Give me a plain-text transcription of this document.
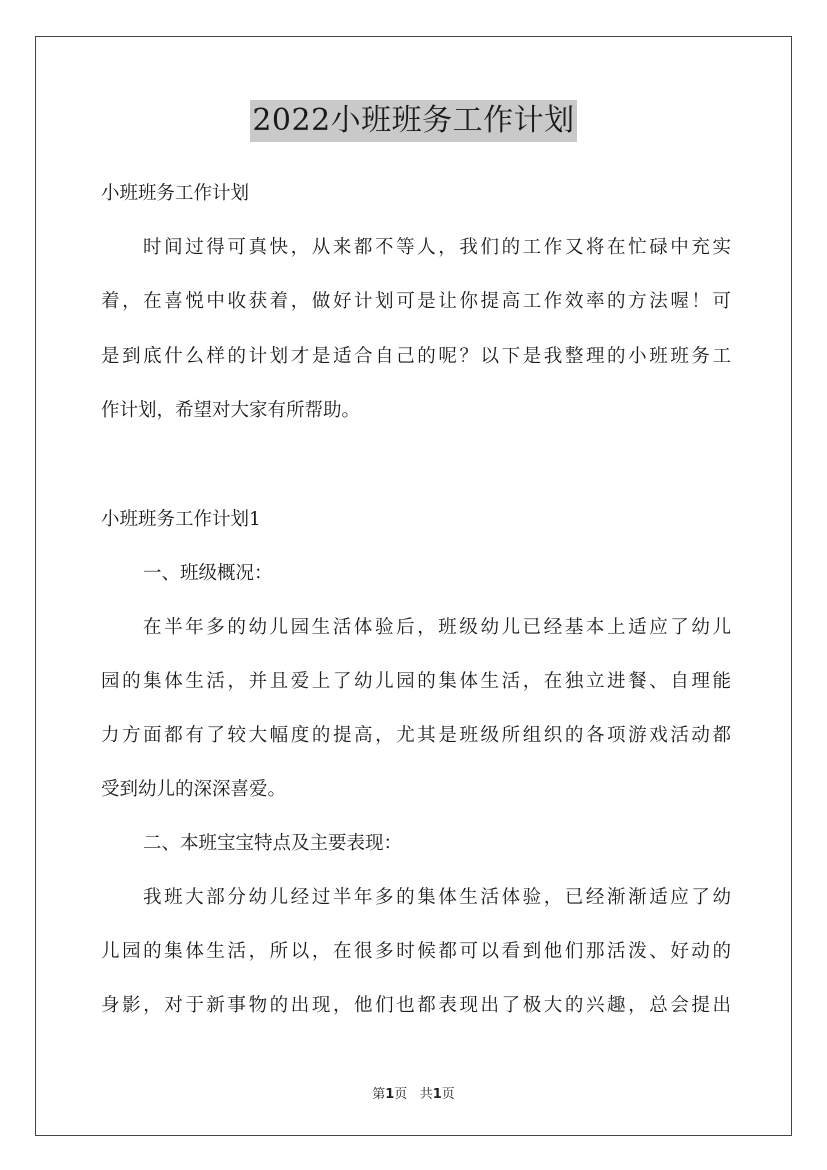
2022小班班务工作计划
小班班务工作计划
时间过得可真快，从来都不等人，我们的工作又将在忙碌中充实
着，在喜悦中收获着，做好计划可是让你提高工作效率的方法喔！可
是到底什么样的计划才是适合自己的呢？以下是我整理的小班班务工
作计划，希望对大家有所帮助。
小班班务工作计划1
一、班级概况：
在半年多的幼儿园生活体验后，班级幼儿已经基本上适应了幼儿
园的集体生活，并且爱上了幼儿园的集体生活，在独立进餐、自理能
力方面都有了较大幅度的提高，尤其是班级所组织的各项游戏活动都
受到幼儿的深深喜爱。
二、本班宝宝特点及主要表现：
我班大部分幼儿经过半年多的集体生活体验，已经渐渐适应了幼
儿园的集体生活，所以，在很多时候都可以看到他们那活泼、好动的
身影，对于新事物的出现，他们也都表现出了极大的兴趣，总会提出
第1页 共1页
